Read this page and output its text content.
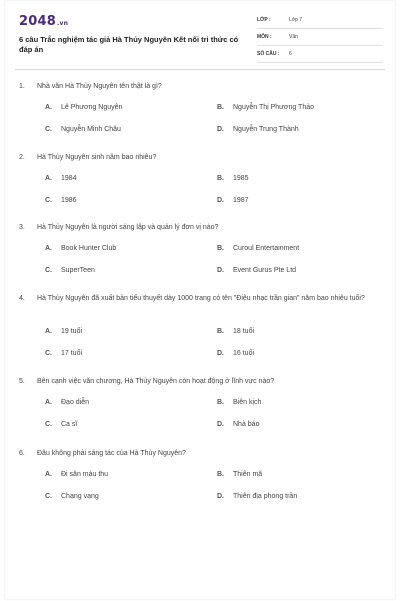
2048.vn
6 câu Trắc nghiệm tác giả Hà Thủy Nguyên Kết nối tri thức có đáp án
LỚP :	Lớp 7
MÔN :	Văn
SỐ CÂU : 6
1. Nhà văn Hà Thủy Nguyên tên thật là gì?
A. Lê Phương Nguyên	B. Nguyễn Thị Phương Thảo
C. Nguyễn Minh Châu	D. Nguyễn Trung Thành
2. Hà Thủy Nguyên sinh năm bao nhiêu?
A. 1984	B. 1985
C. 1986	D. 1987
3. Hà Thủy Nguyên là người sáng lập và quản lý đơn vị nào?
A. Book Hunter Club	B. Curoul Entertainment
C. SuperTeen	D. Event Gurus Pte Ltd
4. Hà Thủy Nguyên đã xuất bản tiểu thuyết dày 1000 trang có tên "Điệu nhạc trần gian" năm bao nhiêu tuổi?
A. 19 tuổi	B. 18 tuổi
C. 17 tuổi	D. 16 tuổi
5. Bên cạnh việc văn chương, Hà Thủy Nguyên còn hoạt động ở lĩnh vực nào?
A. Đạo diễn	B. Biên kịch
C. Ca sĩ	D. Nhà báo
6. Đâu không phải sáng tác của Hà Thủy Nguyên?
A. Đi săn màu thu	B. Thiên mã
C. Chạng vạng	D. Thiên địa phong trần
